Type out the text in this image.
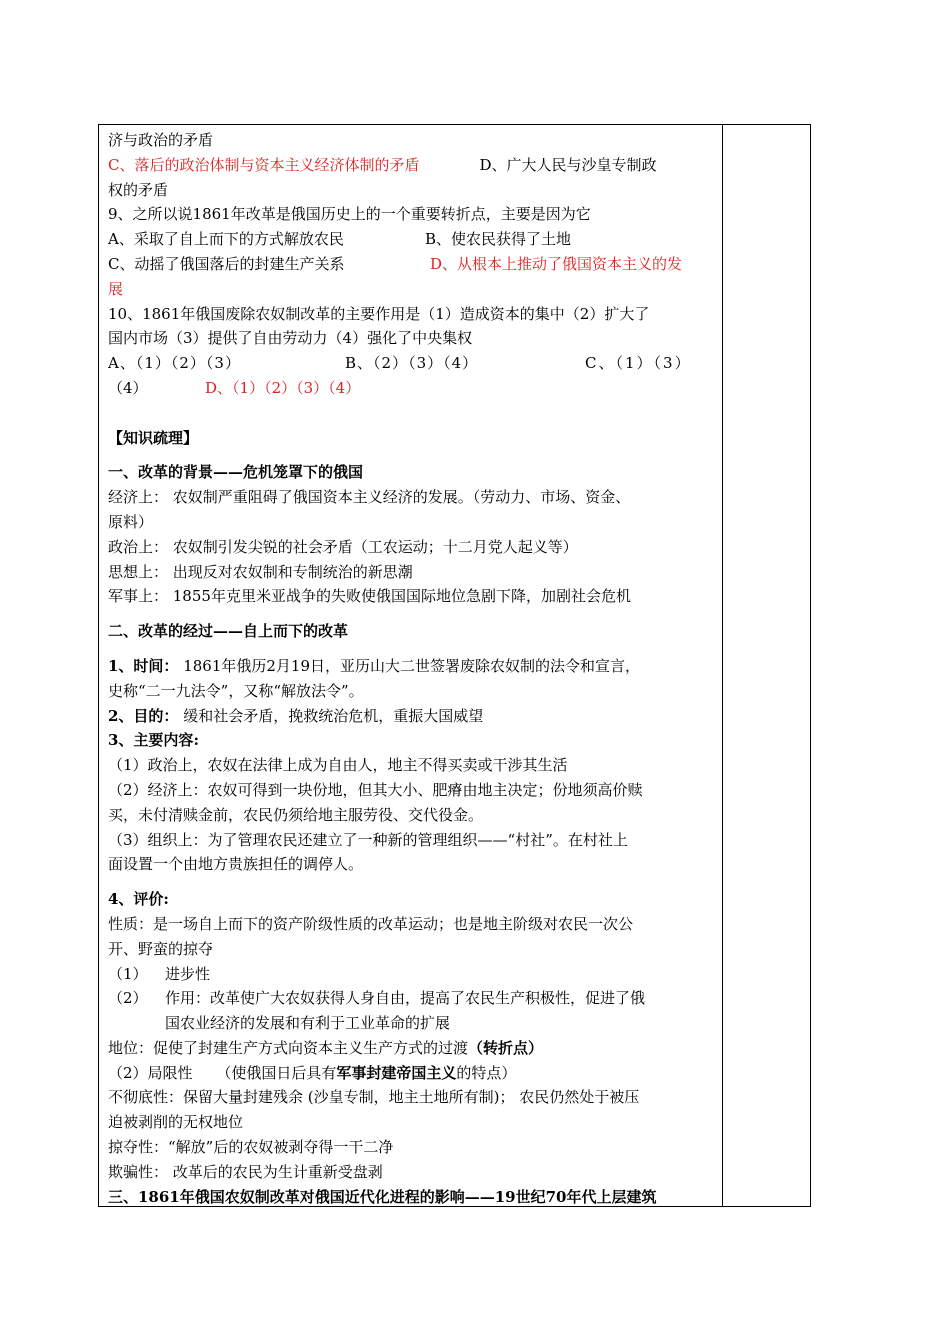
济与政治的矛盾

C、落后的政治体制与资本主义经济体制的矛盾	D、广大人民与沙皇专制政

权的矛盾

9、之所以说1861年改革是俄国历史上的一个重要转折点，主要是因为它

A、采取了自上而下的方式解放农民	B、使农民获得了土地

C、动摇了俄国落后的封建生产关系	D、从根本上推动了俄国资本主义的发

展

10、1861年俄国废除农奴制改革的主要作用是（1）造成资本的集中（2）扩大了

国内市场（3）提供了自由劳动力（4）强化了中央集权

A、（1）（2）（3）	B、（2）（3）（4）	C、（1）（3）

（4）	D、（1）（2）（3）（4）

【知识疏理】

一、改革的背景——危机笼罩下的俄国

经济上： 农奴制严重阻碍了俄国资本主义经济的发展。（劳动力、市场、资金、

原料）

政治上： 农奴制引发尖锐的社会矛盾（工农运动；十二月党人起义等）

思想上： 出现反对农奴制和专制统治的新思潮

军事上： 1855年克里米亚战争的失败使俄国国际地位急剧下降，加剧社会危机

二、改革的经过——自上而下的改革

1、时间： 1861年俄历2月19日，亚历山大二世签署废除农奴制的法令和宣言，

史称“二一九法令”，又称“解放法令”。

2、目的： 缓和社会矛盾，挽救统治危机，重振大国威望

3、主要内容:

（1）政治上，农奴在法律上成为自由人，地主不得买卖或干涉其生活

（2）经济上：农奴可得到一块份地，但其大小、肥瘠由地主决定；份地须高价赎

买，未付清赎金前，农民仍须给地主服劳役、交代役金。

（3）组织上：为了管理农民还建立了一种新的管理组织——“村社”。在村社上

面设置一个由地方贵族担任的调停人。

4、评价:

性质：是一场自上而下的资产阶级性质的改革运动；也是地主阶级对农民一次公

开、野蛮的掠夺

（1） 进步性

（2） 作用：改革使广大农奴获得人身自由，提高了农民生产积极性，促进了俄

国农业经济的发展和有利于工业革命的扩展

地位：促使了封建生产方式向资本主义生产方式的过渡（转折点）

（2）局限性     （使俄国日后具有军事封建帝国主义的特点）

不彻底性：保留大量封建残余 (沙皇专制，地主土地所有制)； 农民仍然处于被压

迫被剥削的无权地位

掠夺性：“解放”后的农奴被剥夺得一干二净

欺骗性： 改革后的农民为生计重新受盘剥

三、1861年俄国农奴制改革对俄国近代化进程的影响——19世纪70年代上层建筑
